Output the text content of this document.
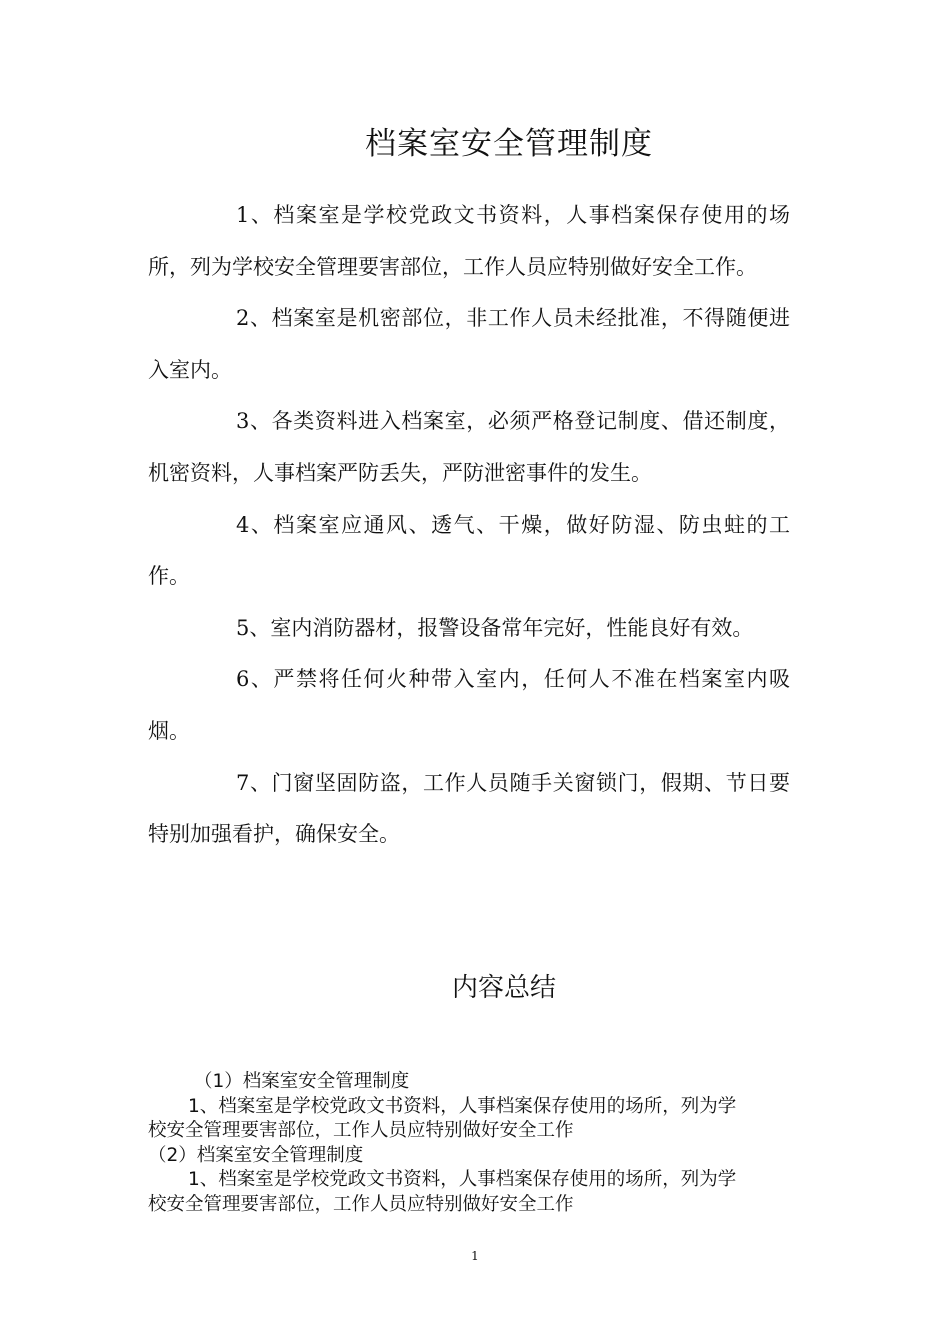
档案室安全管理制度

1、档案室是学校党政文书资料，人事档案保存使用的场所，列为学校安全管理要害部位，工作人员应特别做好安全工作。

2、档案室是机密部位，非工作人员未经批准，不得随便进入室内。

3、各类资料进入档案室，必须严格登记制度、借还制度，机密资料，人事档案严防丢失，严防泄密事件的发生。

4、档案室应通风、透气、干燥，做好防湿、防虫蛀的工作。

5、室内消防器材，报警设备常年完好，性能良好有效。

6、严禁将任何火种带入室内，任何人不准在档案室内吸烟。

7、门窗坚固防盗，工作人员随手关窗锁门，假期、节日要特别加强看护，确保安全。

内容总结
（1）档案室安全管理制度
1、档案室是学校党政文书资料，人事档案保存使用的场所，列为学
校安全管理要害部位，工作人员应特别做好安全工作
（2）档案室安全管理制度
1、档案室是学校党政文书资料，人事档案保存使用的场所，列为学
校安全管理要害部位，工作人员应特别做好安全工作
1
